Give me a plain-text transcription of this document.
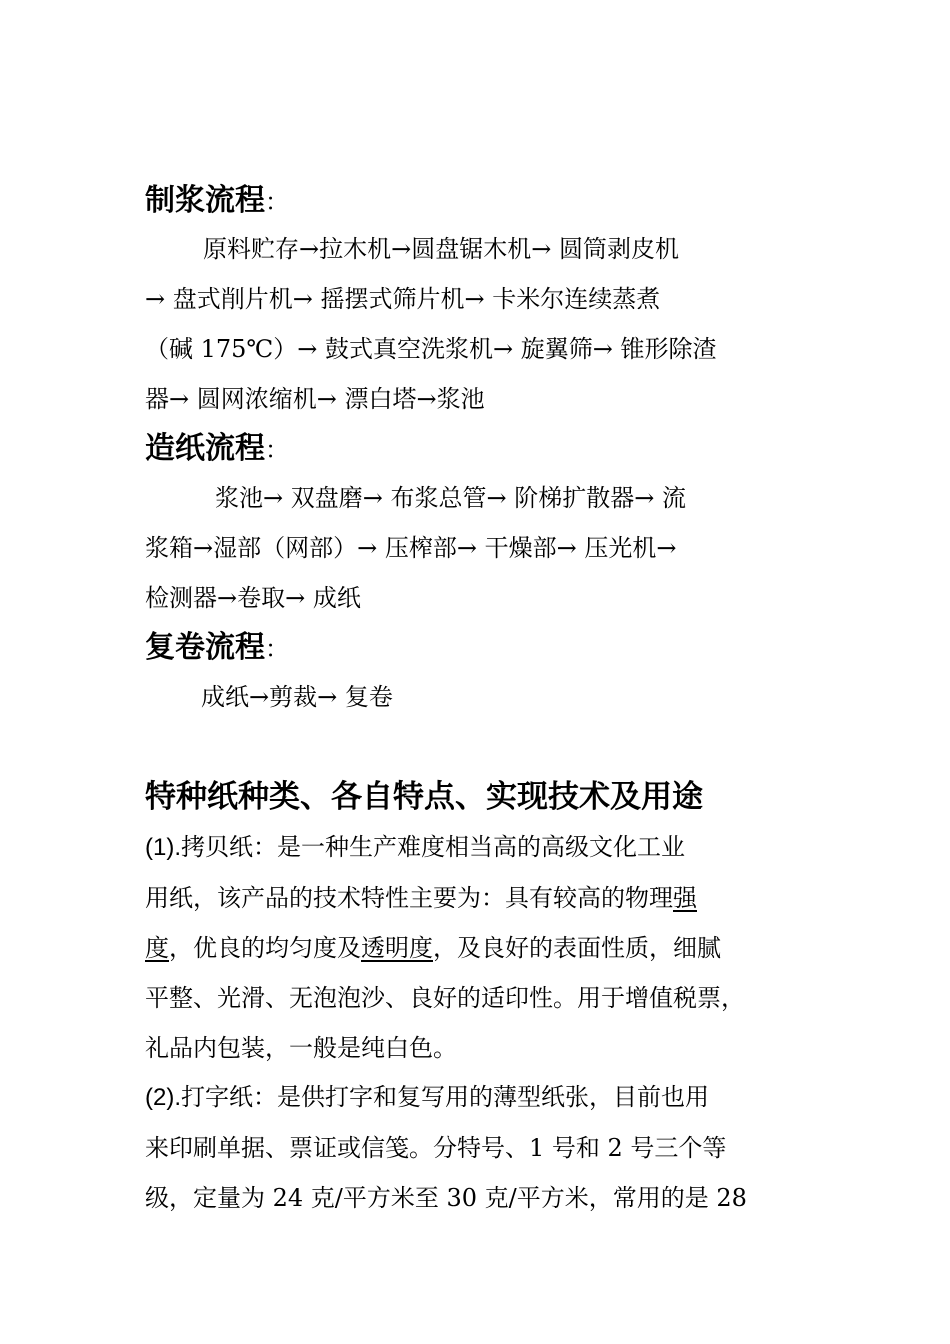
制浆流程：
原料贮存→拉木机→圆盘锯木机→ 圆筒剥皮机
→ 盘式削片机→ 摇摆式筛片机→ 卡米尔连续蒸煮
（碱 175℃）→ 鼓式真空洗浆机→ 旋翼筛→ 锥形除渣
器→ 圆网浓缩机→ 漂白塔→浆池
造纸流程：
浆池→ 双盘磨→ 布浆总管→ 阶梯扩散器→ 流
浆箱→湿部（网部）→ 压榨部→ 干燥部→ 压光机→
检测器→卷取→ 成纸
复卷流程：
成纸→剪裁→ 复卷
特种纸种类、各自特点、实现技术及用途
(1).拷贝纸：是一种生产难度相当高的高级文化工业
用纸，该产品的技术特性主要为：具有较高的物理强
度，优良的均匀度及透明度，及良好的表面性质，细腻
平整、光滑、无泡泡沙、良好的适印性。用于增值税票，
礼品内包装，一般是纯白色。
(2).打字纸：是供打字和复写用的薄型纸张，目前也用
来印刷单据、票证或信笺。分特号、1 号和 2 号三个等
级，定量为 24 克/平方米至 30 克/平方米，常用的是 28
